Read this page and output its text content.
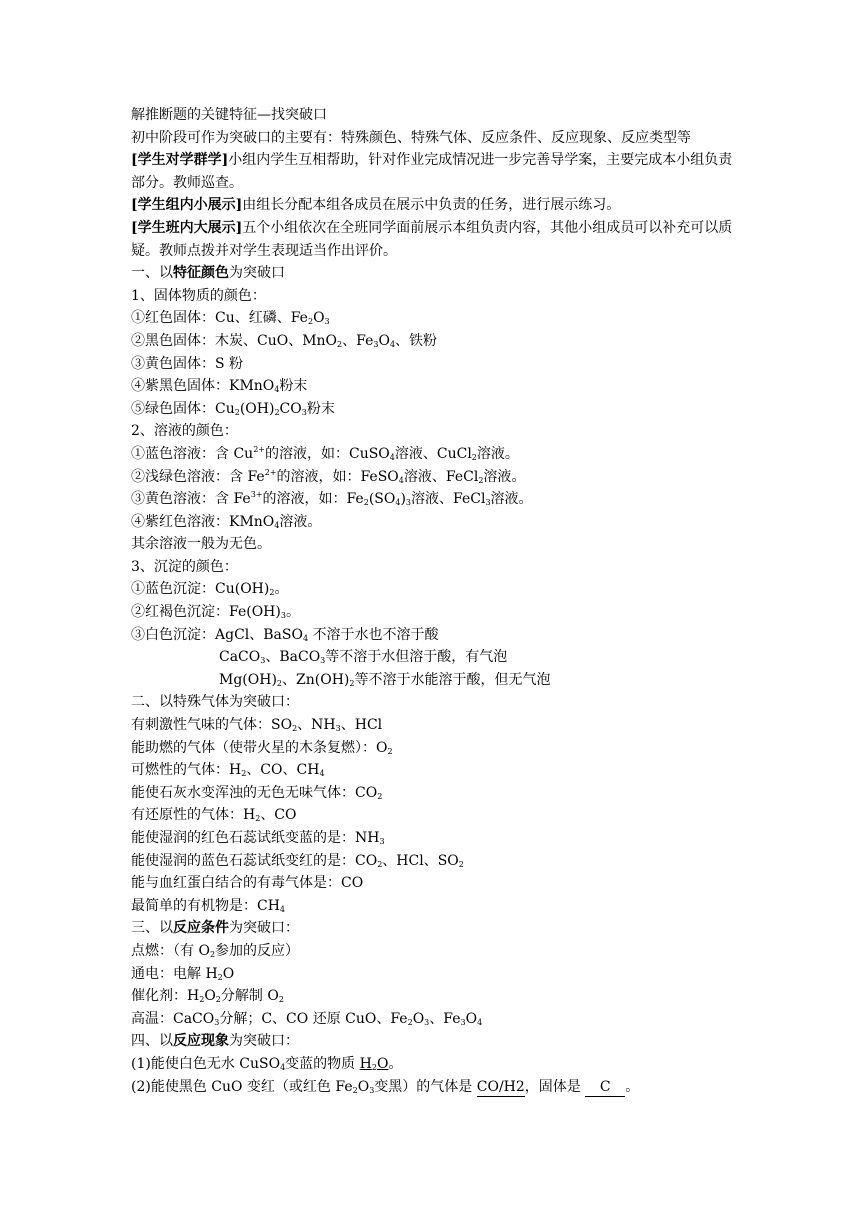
解推断题的关键特征—找突破口
初中阶段可作为突破口的主要有：特殊颜色、特殊气体、反应条件、反应现象、反应类型等
[学生对学群学]小组内学生互相帮助，针对作业完成情况进一步完善导学案，主要完成本小组负责部分。教师巡查。
[学生组内小展示]由组长分配本组各成员在展示中负责的任务，进行展示练习。
[学生班内大展示]五个小组依次在全班同学面前展示本组负责内容，其他小组成员可以补充可以质疑。教师点拨并对学生表现适当作出评价。
一、以特征颜色为突破口
1、固体物质的颜色：
①红色固体：Cu、红磷、$Fe_2O_3$
②黑色固体：木炭、CuO、MnO$_2$、$Fe_3O_4$、铁粉
③黄色固体：S 粉
④紫黑色固体：KMnO$_4$粉末
⑤绿色固体：$Cu_2(OH)_2CO_3$粉末
2、溶液的颜色：
①蓝色溶液：含 $Cu^{2+}$的溶液，如：CuSO$_4$溶液、CuCl$_2$溶液。
②浅绿色溶液：含 $Fe^{2+}$的溶液，如：FeSO$_4$溶液、FeCl$_2$溶液。
③黄色溶液：含 $Fe^{3+}$的溶液，如：$Fe_2(SO_4)_3$溶液、FeCl$_3$溶液。
④紫红色溶液：KMnO$_4$溶液。
其余溶液一般为无色。
3、沉淀的颜色：
①蓝色沉淀：$Cu(OH)_2$。
②红褐色沉淀：$Fe(OH)_3$。
③白色沉淀：AgCl、BaSO$_4$ 不溶于水也不溶于酸
CaCO$_3$、BaCO$_3$等不溶于水但溶于酸，有气泡
$Mg(OH)_2$、$Zn(OH)_2$等不溶于水能溶于酸，但无气泡
二、以特殊气体为突破口：
有刺激性气味的气体：$SO_2$、$NH_3$、HCl
能助燃的气体（使带火星的木条复燃）：$O_2$
可燃性的气体：$H_2$、CO、$CH_4$
能使石灰水变浑浊的无色无味气体：$CO_2$
有还原性的气体：$H_2$、CO
能使湿润的红色石蕊试纸变蓝的是：$NH_3$
能使湿润的蓝色石蕊试纸变红的是：$CO_2$、HCl、$SO_2$
能与血红蛋白结合的有毒气体是：CO
最简单的有机物是：$CH_4$
三、以反应条件为突破口：
点燃：（有 $O_2$参加的反应）
通电：电解 $H_2O$
催化剂：$H_2O_2$分解制 $O_2$
高温：CaCO$_3$分解；C、CO 还原 CuO、$Fe_2O_3$、$Fe_3O_4$
四、以反应现象为突破口：
(1)能使白色无水 CuSO$_4$变蓝的物质 $H_2O$。
(2)能使黑色 CuO 变红（或红色 $Fe_2O_3$变黑）的气体是 CO/H2，固体是 C 。
